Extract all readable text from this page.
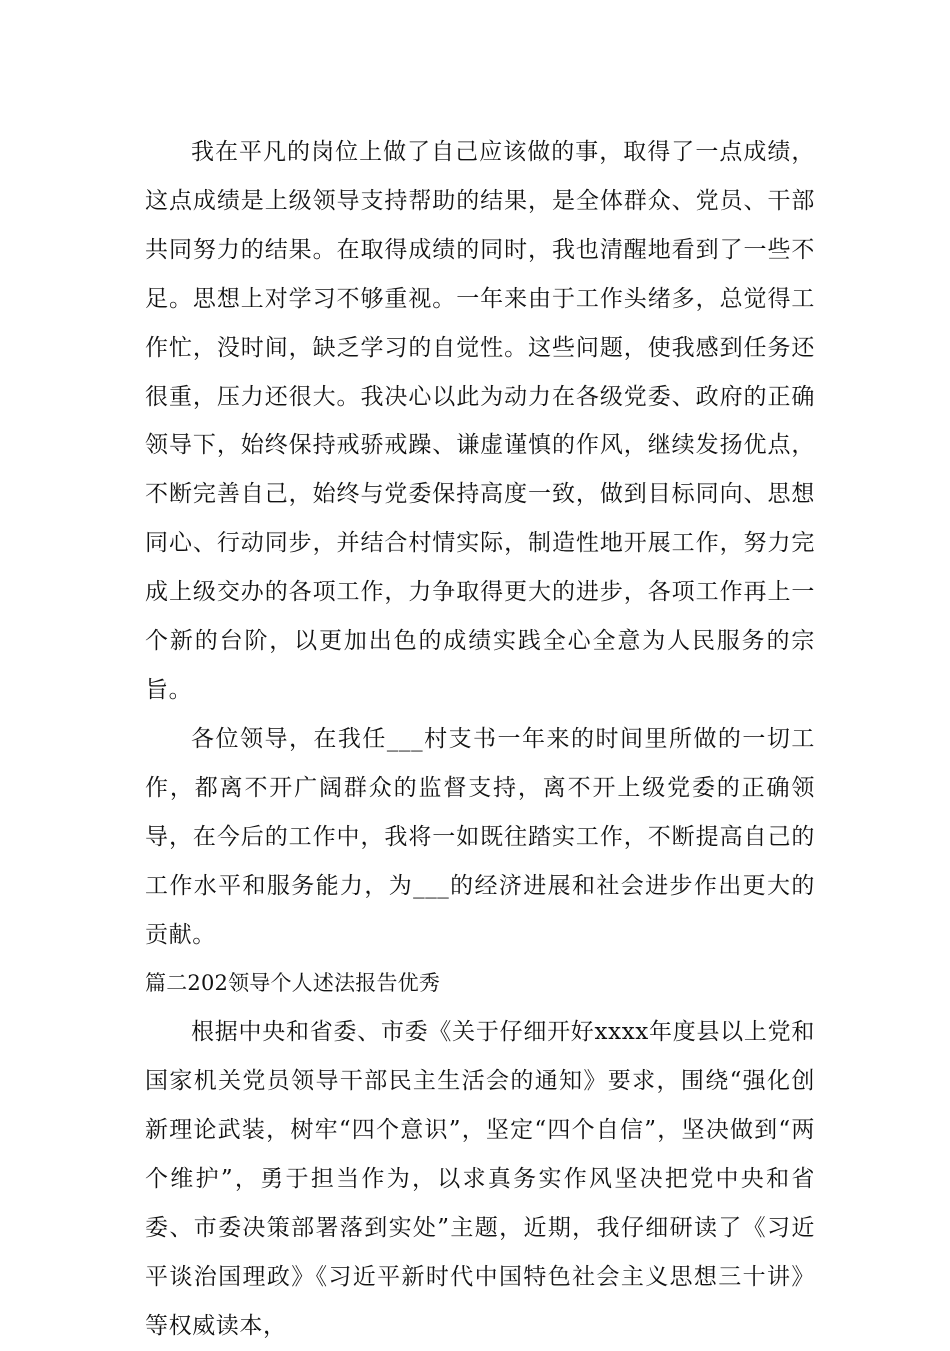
我在平凡的岗位上做了自己应该做的事，取得了一点成绩，这点成绩是上级领导支持帮助的结果，是全体群众、党员、干部共同努力的结果。在取得成绩的同时，我也清醒地看到了一些不足。思想上对学习不够重视。一年来由于工作头绪多，总觉得工作忙，没时间，缺乏学习的自觉性。这些问题，使我感到任务还很重，压力还很大。我决心以此为动力在各级党委、政府的正确领导下，始终保持戒骄戒躁、谦虚谨慎的作风，继续发扬优点，不断完善自己，始终与党委保持高度一致，做到目标同向、思想同心、行动同步，并结合村情实际，制造性地开展工作，努力完成上级交办的各项工作，力争取得更大的进步，各项工作再上一个新的台阶，以更加出色的成绩实践全心全意为人民服务的宗旨。

各位领导，在我任___村支书一年来的时间里所做的一切工作，都离不开广阔群众的监督支持，离不开上级党委的正确领导，在今后的工作中，我将一如既往踏实工作，不断提高自己的工作水平和服务能力，为___的经济进展和社会进步作出更大的贡献。

篇二202领导个人述法报告优秀

根据中央和省委、市委《关于仔细开好xxxx年度县以上党和国家机关党员领导干部民主生活会的通知》要求，围绕“强化创新理论武装，树牢“四个意识”，坚定“四个自信”，坚决做到“两个维护”，勇于担当作为，以求真务实作风坚决把党中央和省委、市委决策部署落到实处”主题，近期，我仔细研读了《习近平谈治国理政》《习近平新时代中国特色社会主义思想三十讲》等权威读本，
